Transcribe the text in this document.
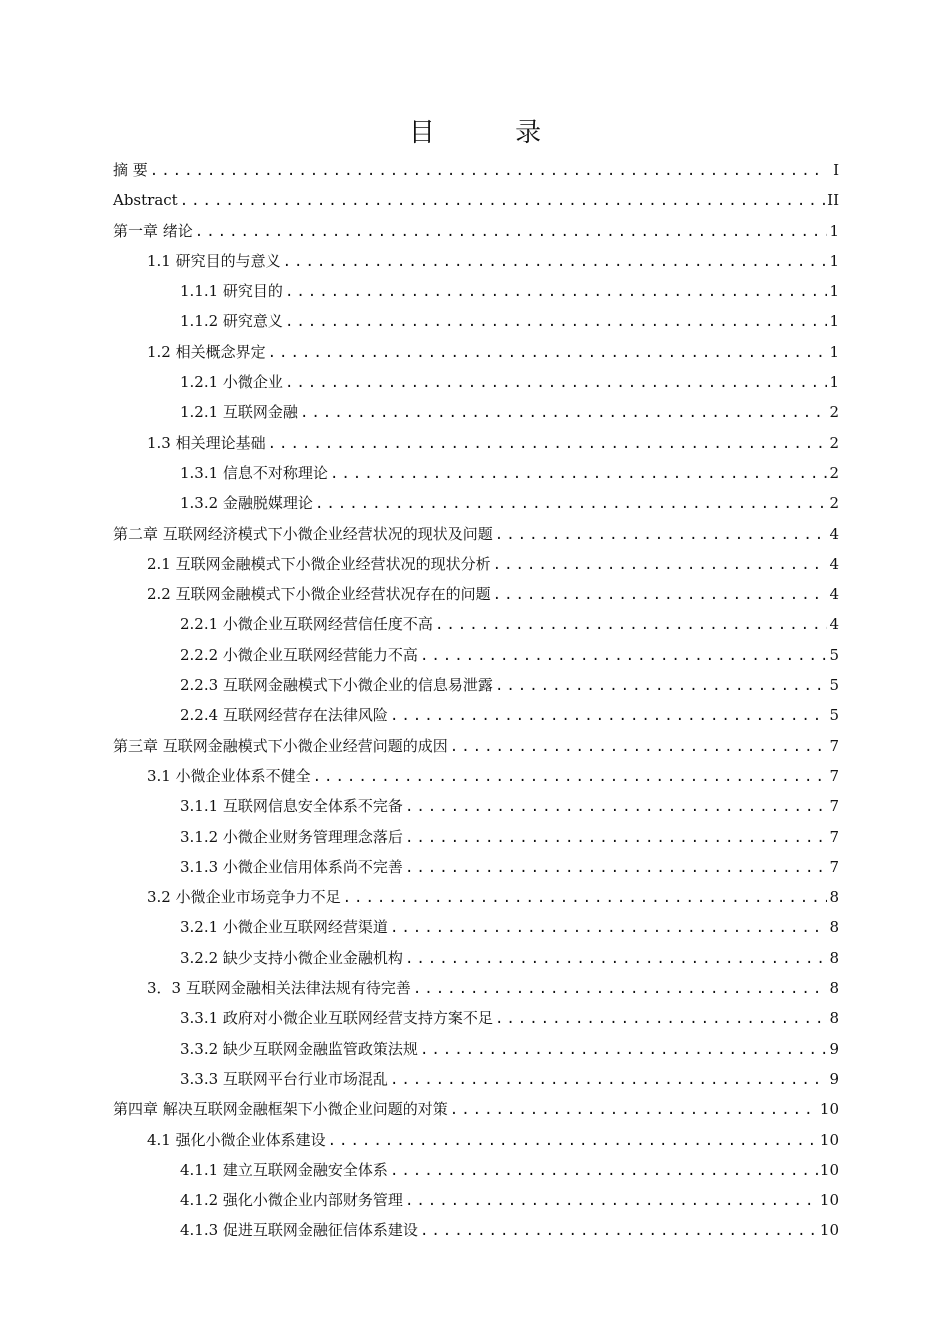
目 录
摘 要 .....	I
Abstract .....	II
第一章 绪论 .....	1
1.1 研究目的与意义 .....	1
1.1.1 研究目的 .....	1
1.1.2 研究意义 .....	1
1.2 相关概念界定 .....	1
1.2.1 小微企业 .....	1
1.2.1 互联网金融 .....	2
1.3 相关理论基础 .....	2
1.3.1 信息不对称理论 .....	2
1.3.2 金融脱媒理论 .....	2
第二章 互联网经济模式下小微企业经营状况的现状及问题 .....	4
2.1 互联网金融模式下小微企业经营状况的现状分析 .....	4
2.2 互联网金融模式下小微企业经营状况存在的问题 .....	4
2.2.1 小微企业互联网经营信任度不高 .....	4
2.2.2 小微企业互联网经营能力不高 .....	5
2.2.3 互联网金融模式下小微企业的信息易泄露 .....	5
2.2.4 互联网经营存在法律风险 .....	5
第三章 互联网金融模式下小微企业经营问题的成因 .....	7
3.1 小微企业体系不健全 .....	7
3.1.1 互联网信息安全体系不完备 .....	7
3.1.2 小微企业财务管理理念落后 .....	7
3.1.3 小微企业信用体系尚不完善 .....	7
3.2 小微企业市场竞争力不足 .....	8
3.2.1 小微企业互联网经营渠道 .....	8
3.2.2 缺少支持小微企业金融机构 .....	8
3．3 互联网金融相关法律法规有待完善 .....	8
3.3.1 政府对小微企业互联网经营支持方案不足 .....	8
3.3.2 缺少互联网金融监管政策法规 .....	9
3.3.3 互联网平台行业市场混乱 .....	9
第四章 解决互联网金融框架下小微企业问题的对策 .....	10
4.1 强化小微企业体系建设 .....	10
4.1.1 建立互联网金融安全体系 .....	10
4.1.2 强化小微企业内部财务管理 .....	10
4.1.3 促进互联网金融征信体系建设 .....	10
